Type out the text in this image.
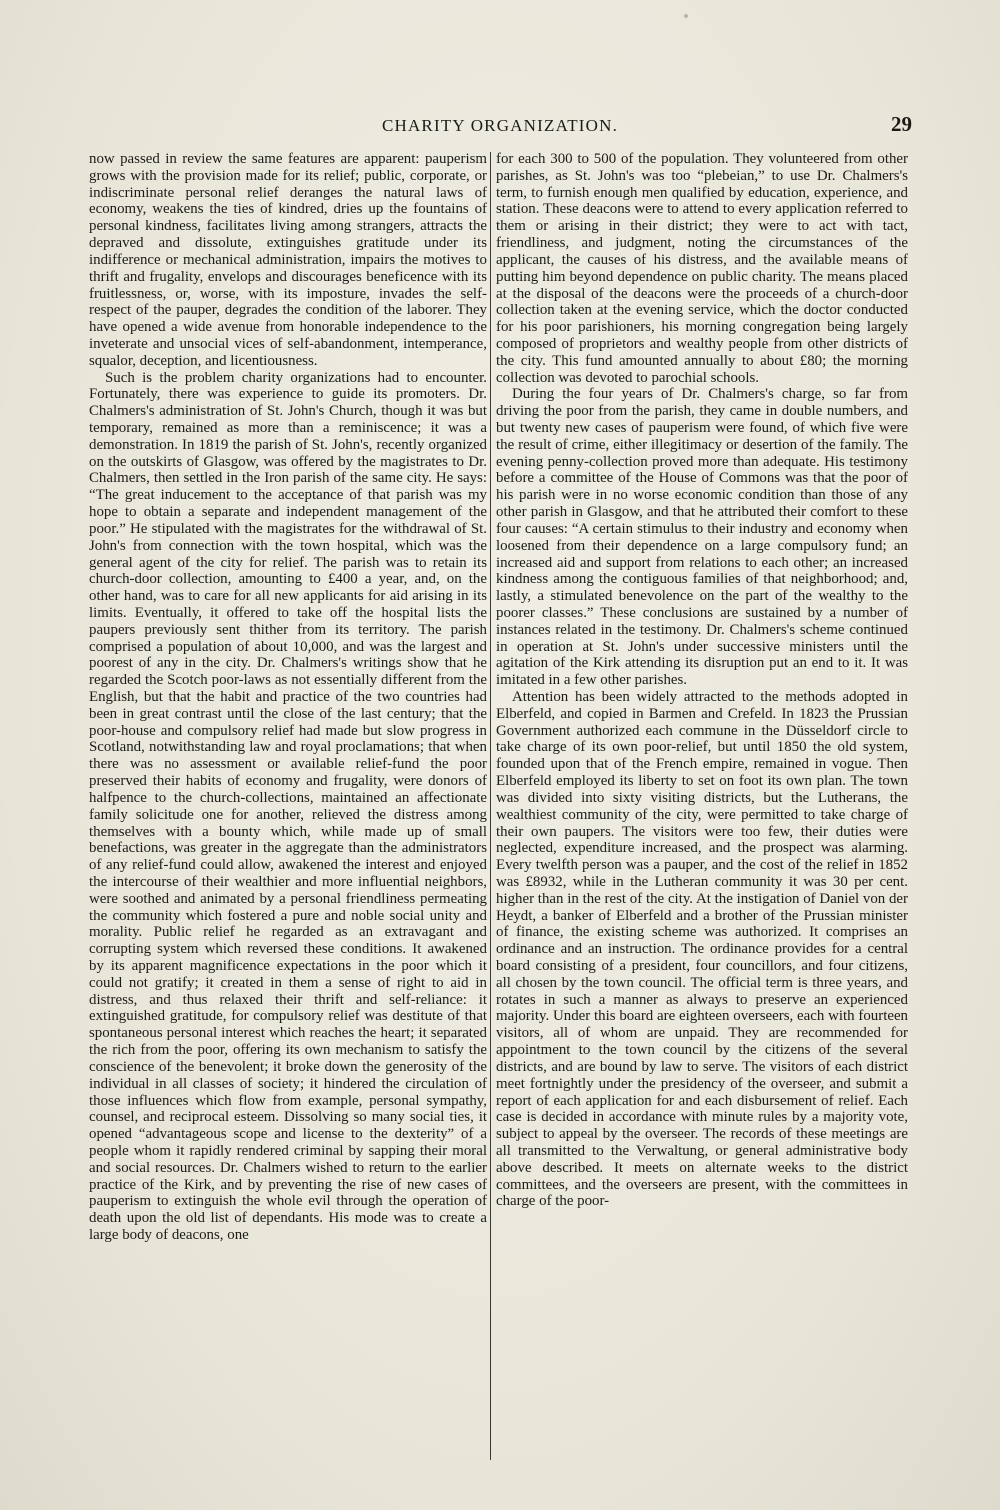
CHARITY ORGANIZATION.	29

now passed in review the same features are apparent: pauperism grows with the provision made for its relief; public, corporate, or indiscriminate personal relief deranges the natural laws of economy, weakens the ties of kindred, dries up the fountains of personal kindness, facilitates living among strangers, attracts the depraved and dissolute, extinguishes gratitude under its indifference or mechanical administration, impairs the motives to thrift and frugality, envelops and discourages beneficence with its fruitlessness, or, worse, with its imposture, invades the self-respect of the pauper, degrades the condition of the laborer. They have opened a wide avenue from honorable independence to the inveterate and unsocial vices of self-abandonment, intemperance, squalor, deception, and licentiousness.

Such is the problem charity organizations had to encounter. Fortunately, there was experience to guide its promoters. Dr. Chalmers's administration of St. John's Church, though it was but temporary, remained as more than a reminiscence; it was a demonstration. In 1819 the parish of St. John's, recently organized on the outskirts of Glasgow, was offered by the magistrates to Dr. Chalmers, then settled in the Iron parish of the same city. He says: “The great inducement to the acceptance of that parish was my hope to obtain a separate and independent management of the poor.” He stipulated with the magistrates for the withdrawal of St. John's from connection with the town hospital, which was the general agent of the city for relief. The parish was to retain its church-door collection, amounting to £400 a year, and, on the other hand, was to care for all new applicants for aid arising in its limits. Eventually, it offered to take off the hospital lists the paupers previously sent thither from its territory. The parish comprised a population of about 10,000, and was the largest and poorest of any in the city. Dr. Chalmers's writings show that he regarded the Scotch poor-laws as not essentially different from the English, but that the habit and practice of the two countries had been in great contrast until the close of the last century; that the poor-house and compulsory relief had made but slow progress in Scotland, notwithstanding law and royal proclamations; that when there was no assessment or available relief-fund the poor preserved their habits of economy and frugality, were donors of halfpence to the church-collections, maintained an affectionate family solicitude one for another, relieved the distress among themselves with a bounty which, while made up of small benefactions, was greater in the aggregate than the administrators of any relief-fund could allow, awakened the interest and enjoyed the intercourse of their wealthier and more influential neighbors, were soothed and animated by a personal friendliness permeating the community which fostered a pure and noble social unity and morality. Public relief he regarded as an extravagant and corrupting system which reversed these conditions. It awakened by its apparent magnificence expectations in the poor which it could not gratify; it created in them a sense of right to aid in distress, and thus relaxed their thrift and self-reliance: it extinguished gratitude, for compulsory relief was destitute of that spontaneous personal interest which reaches the heart; it separated the rich from the poor, offering its own mechanism to satisfy the conscience of the benevolent; it broke down the generosity of the individual in all classes of society; it hindered the circulation of those influences which flow from example, personal sympathy, counsel, and reciprocal esteem. Dissolving so many social ties, it opened “advantageous scope and license to the dexterity” of a people whom it rapidly rendered criminal by sapping their moral and social resources. Dr. Chalmers wished to return to the earlier practice of the Kirk, and by preventing the rise of new cases of pauperism to extinguish the whole evil through the operation of death upon the old list of dependants. His mode was to create a large body of deacons, one

for each 300 to 500 of the population. They volunteered from other parishes, as St. John's was too “plebeian,” to use Dr. Chalmers's term, to furnish enough men qualified by education, experience, and station. These deacons were to attend to every application referred to them or arising in their district; they were to act with tact, friendliness, and judgment, noting the circumstances of the applicant, the causes of his distress, and the available means of putting him beyond dependence on public charity. The means placed at the disposal of the deacons were the proceeds of a church-door collection taken at the evening service, which the doctor conducted for his poor parishioners, his morning congregation being largely composed of proprietors and wealthy people from other districts of the city. This fund amounted annually to about £80; the morning collection was devoted to parochial schools.

During the four years of Dr. Chalmers's charge, so far from driving the poor from the parish, they came in double numbers, and but twenty new cases of pauperism were found, of which five were the result of crime, either illegitimacy or desertion of the family. The evening penny-collection proved more than adequate. His testimony before a committee of the House of Commons was that the poor of his parish were in no worse economic condition than those of any other parish in Glasgow, and that he attributed their comfort to these four causes: “A certain stimulus to their industry and economy when loosened from their dependence on a large compulsory fund; an increased aid and support from relations to each other; an increased kindness among the contiguous families of that neighborhood; and, lastly, a stimulated benevolence on the part of the wealthy to the poorer classes.” These conclusions are sustained by a number of instances related in the testimony. Dr. Chalmers's scheme continued in operation at St. John's under successive ministers until the agitation of the Kirk attending its disruption put an end to it. It was imitated in a few other parishes.

Attention has been widely attracted to the methods adopted in Elberfeld, and copied in Barmen and Crefeld. In 1823 the Prussian Government authorized each commune in the Düsseldorf circle to take charge of its own poor-relief, but until 1850 the old system, founded upon that of the French empire, remained in vogue. Then Elberfeld employed its liberty to set on foot its own plan. The town was divided into sixty visiting districts, but the Lutherans, the wealthiest community of the city, were permitted to take charge of their own paupers. The visitors were too few, their duties were neglected, expenditure increased, and the prospect was alarming. Every twelfth person was a pauper, and the cost of the relief in 1852 was £8932, while in the Lutheran community it was 30 per cent. higher than in the rest of the city. At the instigation of Daniel von der Heydt, a banker of Elberfeld and a brother of the Prussian minister of finance, the existing scheme was authorized. It comprises an ordinance and an instruction. The ordinance provides for a central board consisting of a president, four councillors, and four citizens, all chosen by the town council. The official term is three years, and rotates in such a manner as always to preserve an experienced majority. Under this board are eighteen overseers, each with fourteen visitors, all of whom are unpaid. They are recommended for appointment to the town council by the citizens of the several districts, and are bound by law to serve. The visitors of each district meet fortnightly under the presidency of the overseer, and submit a report of each application for and each disbursement of relief. Each case is decided in accordance with minute rules by a majority vote, subject to appeal by the overseer. The records of these meetings are all transmitted to the Verwaltung, or general administrative body above described. It meets on alternate weeks to the district committees, and the overseers are present, with the committees in charge of the poor-
